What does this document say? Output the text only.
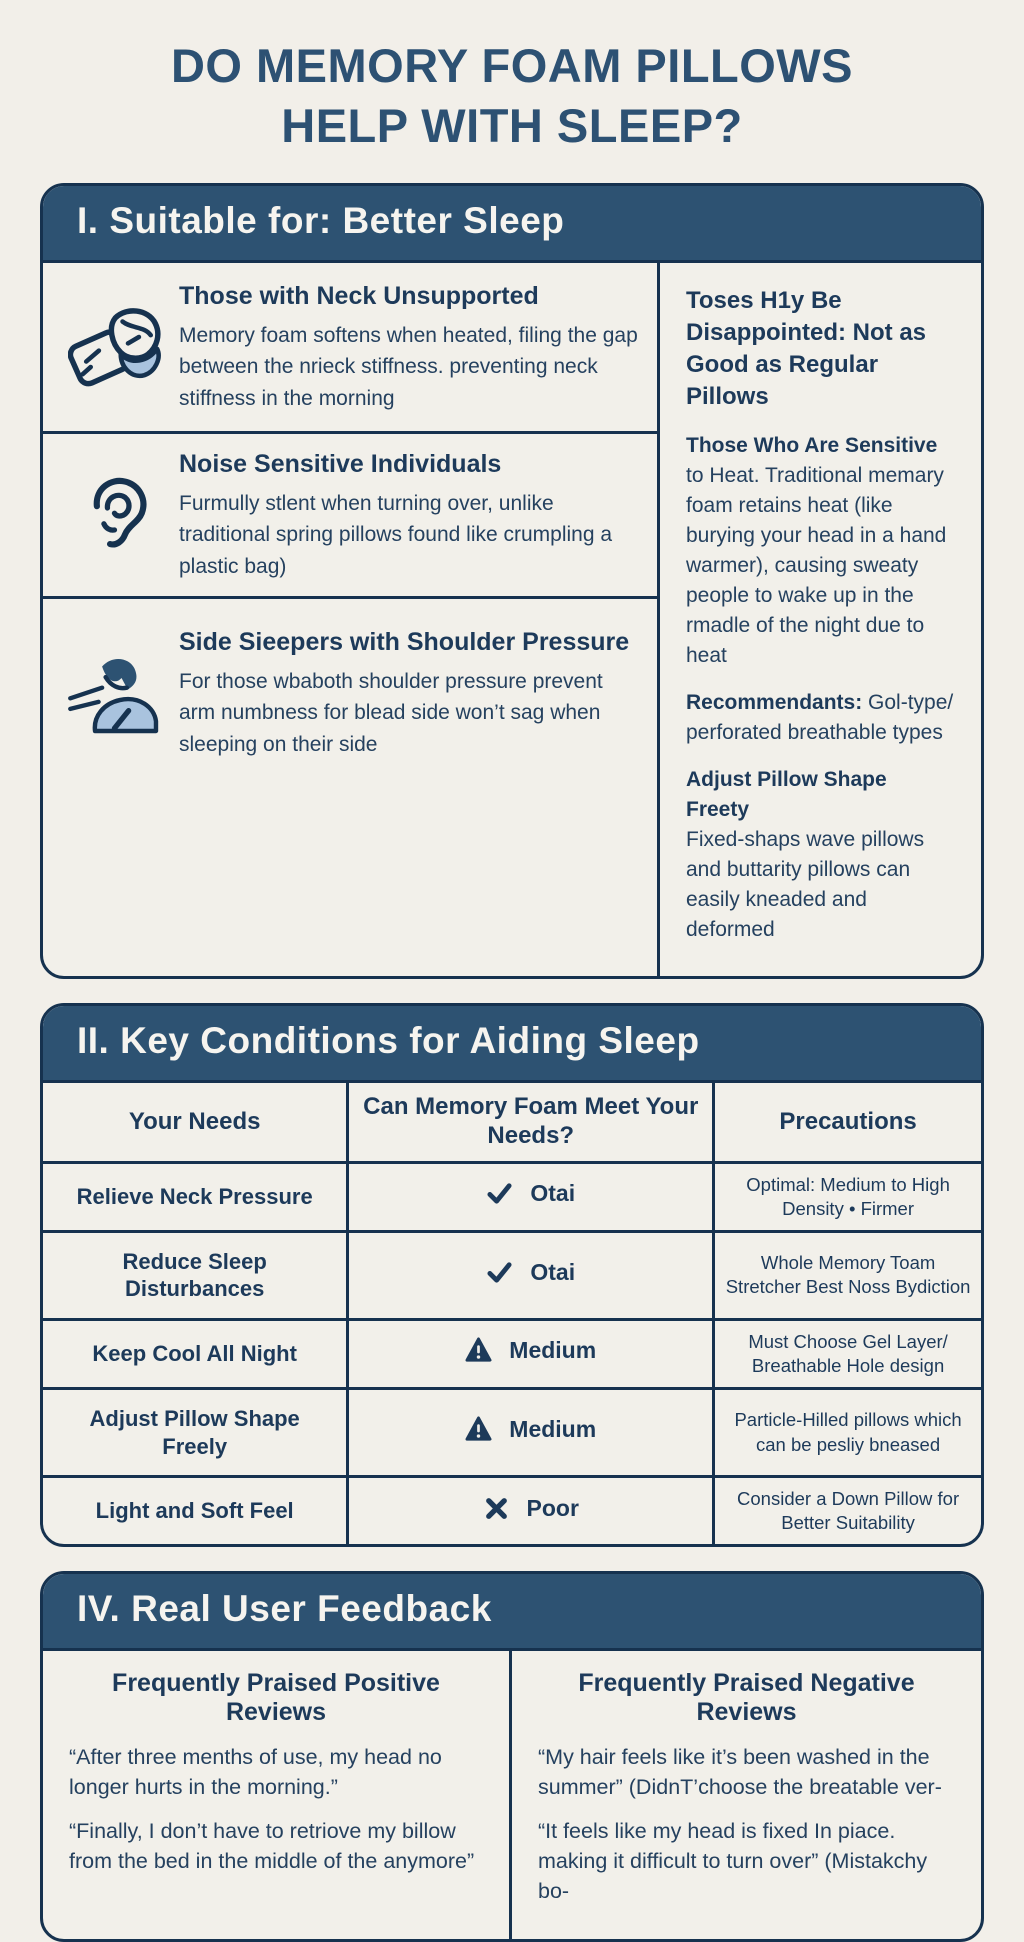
DO MEMORY FOAM PILLOWS
HELP WITH SLEEP?
I. Suitable for: Better Sleep
Those with Neck Unsupported

Memory foam softens when heated, filing the gap between the nrieck stiffness. preventing neck stiffness in the morning

Noise Sensitive Individuals

Furmully stlent when turning over, unlike traditional spring pillows found like crumpling a plastic bag)

Side Sieepers with Shoulder Pressure

For those wbaboth shoulder pressure prevent arm numbness for blead side won’t sag when sleeping on their side

Toses H1y Be Disappointed: Not as Good as Regular Pillows

Those Who Are Sensitive to Heat. Traditional memary foam retains heat (like burying your head in a hand warmer), causing sweaty people to wake up in the rmadle of the night due to heat

Recommendants: Gol-type/ perforated breathable types

Adjust Pillow Shape Freety
Fixed-shaps wave pillows and buttarity pillows can easily kneaded and deformed

II. Key Conditions for Aiding Sleep
Your Needs	Can Memory Foam Meet Your Needs?	Precautions
Relieve Neck Pressure	Otai	Optimal: Medium to High Density • Firmer
Reduce Sleep Disturbances	Otai	Whole Memory Toam Stretcher Best Noss Bydiction
Keep Cool All Night	Medium	Must Choose Gel Layer/ Breathable Hole design
Adjust Pillow Shape Freely	Medium	Particle-Hilled pillows which can be pesliy bneased
Light and Soft Feel	Poor	Consider a Down Pillow for Better Suitability
IV. Real User Feedback
Frequently Praised Positive Reviews

“After three menths of use, my head no longer hurts in the morning.”

“Finally, I don’t have to retriove my billow from the bed in the middle of the anymore”

Frequently Praised Negative Reviews

“My hair feels like it’s been washed in the summer” (DidnT’choose the breatable ver-

“It feels like my head is fixed In piace. making it difficult to turn over” (Mistakchy bo-
